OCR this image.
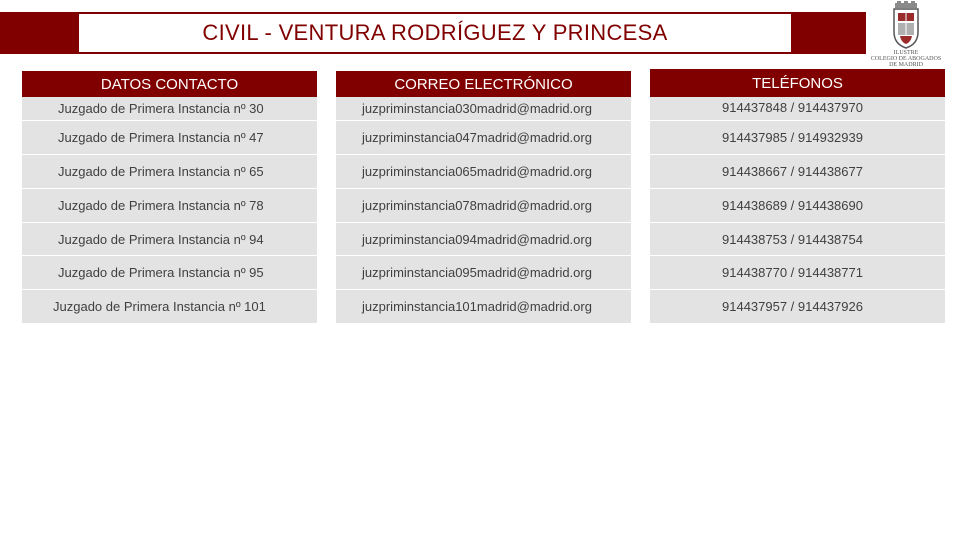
CIVIL - VENTURA RODRÍGUEZ Y PRINCESA
ILUSTRE
COLEGIO DE ABOGADOS
DE MADRID
DATOS CONTACTO
Juzgado de Primera Instancia nº 30
Juzgado de Primera Instancia nº 47
Juzgado de Primera Instancia nº 65
Juzgado de Primera Instancia nº 78
Juzgado de Primera Instancia nº 94
Juzgado de Primera Instancia nº 95
Juzgado de Primera Instancia nº 101
CORREO ELECTRÓNICO
juzpriminstancia030madrid@madrid.org
juzpriminstancia047madrid@madrid.org
juzpriminstancia065madrid@madrid.org
juzpriminstancia078madrid@madrid.org
juzpriminstancia094madrid@madrid.org
juzpriminstancia095madrid@madrid.org
juzpriminstancia101madrid@madrid.org
TELÉFONOS
914437848 / 914437970
914437985 / 914932939
914438667 / 914438677
914438689 / 914438690
914438753 / 914438754
914438770 / 914438771
914437957 / 914437926
